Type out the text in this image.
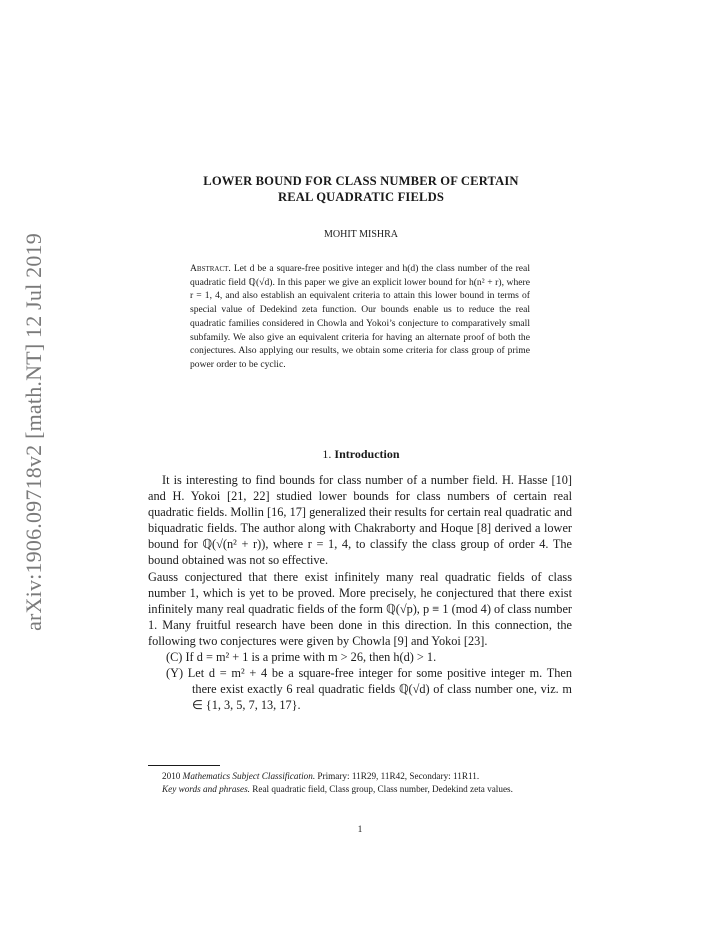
arXiv:1906.09718v2 [math.NT] 12 Jul 2019
LOWER BOUND FOR CLASS NUMBER OF CERTAIN
REAL QUADRATIC FIELDS
MOHIT MISHRA
Abstract. Let d be a square-free positive integer and h(d) the class number of the real quadratic field ℚ(√d). In this paper we give an explicit lower bound for h(n² + r), where r = 1, 4, and also establish an equivalent criteria to attain this lower bound in terms of special value of Dedekind zeta function. Our bounds enable us to reduce the real quadratic families considered in Chowla and Yokoi’s conjecture to comparatively small subfamily. We also give an equivalent criteria for having an alternate proof of both the conjectures. Also applying our results, we obtain some criteria for class group of prime power order to be cyclic.
1. Introduction

It is interesting to find bounds for class number of a number field. H. Hasse [10] and H. Yokoi [21, 22] studied lower bounds for class numbers of certain real quadratic fields. Mollin [16, 17] generalized their results for certain real quadratic and biquadratic fields. The author along with Chakraborty and Hoque [8] derived a lower bound for ℚ(√(n² + r)), where r = 1, 4, to classify the class group of order 4. The bound obtained was not so effective.

Gauss conjectured that there exist infinitely many real quadratic fields of class number 1, which is yet to be proved. More precisely, he conjectured that there exist infinitely many real quadratic fields of the form ℚ(√p), p ≡ 1 (mod 4) of class number 1. Many fruitful research have been done in this direction. In this connection, the following two conjectures were given by Chowla [9] and Yokoi [23].

(C) If d = m² + 1 is a prime with m > 26, then h(d) > 1.

(Y) Let d = m² + 4 be a square-free integer for some positive integer m. Then there exist exactly 6 real quadratic fields ℚ(√d) of class number one, viz. m ∈ {1, 3, 5, 7, 13, 17}.

2010 Mathematics Subject Classification. Primary: 11R29, 11R42, Secondary: 11R11.

Key words and phrases. Real quadratic field, Class group, Class number, Dedekind zeta values.

1
